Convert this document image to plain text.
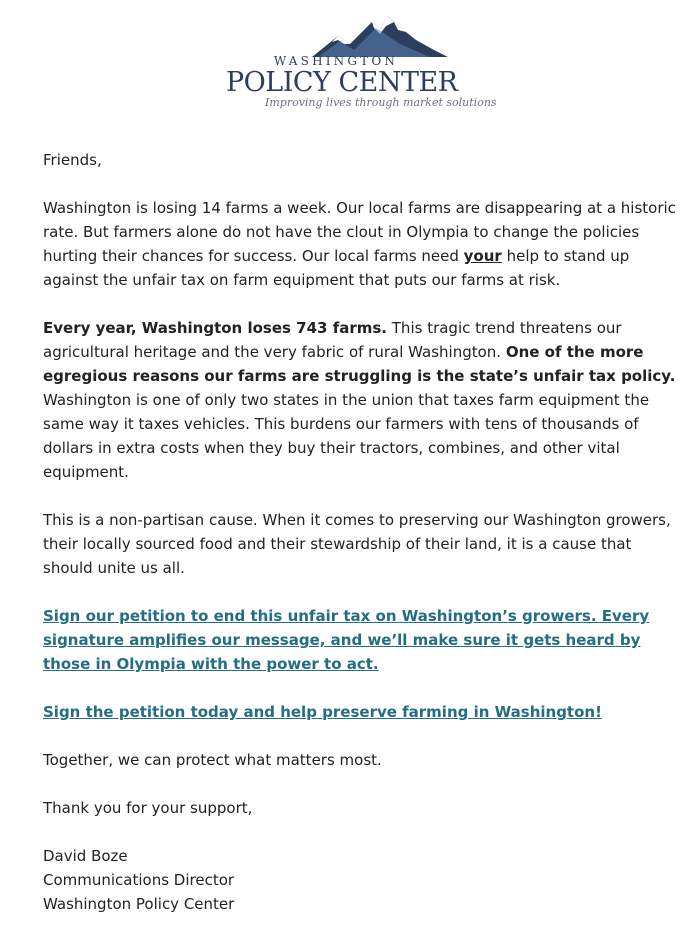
WASHINGTON
POLICY CENTER
Improving lives through market solutions

Friends,

Washington is losing 14 farms a week. Our local farms are disappearing at a historic rate. But farmers alone do not have the clout in Olympia to change the policies hurting their chances for success. Our local farms need your help to stand up against the unfair tax on farm equipment that puts our farms at risk.

Every year, Washington loses 743 farms. This tragic trend threatens our agricultural heritage and the very fabric of rural Washington. One of the more egregious reasons our farms are struggling is the state’s unfair tax policy. Washington is one of only two states in the union that taxes farm equipment the same way it taxes vehicles. This burdens our farmers with tens of thousands of dollars in extra costs when they buy their tractors, combines, and other vital equipment.

This is a non-partisan cause. When it comes to preserving our Washington growers, their locally sourced food and their stewardship of their land, it is a cause that should unite us all.

Sign our petition to end this unfair tax on Washington’s growers. Every signature amplifies our message, and we’ll make sure it gets heard by those in Olympia with the power to act.

Sign the petition today and help preserve farming in Washington!

Together, we can protect what matters most.

Thank you for your support,

David Boze

Communications Director

Washington Policy Center
